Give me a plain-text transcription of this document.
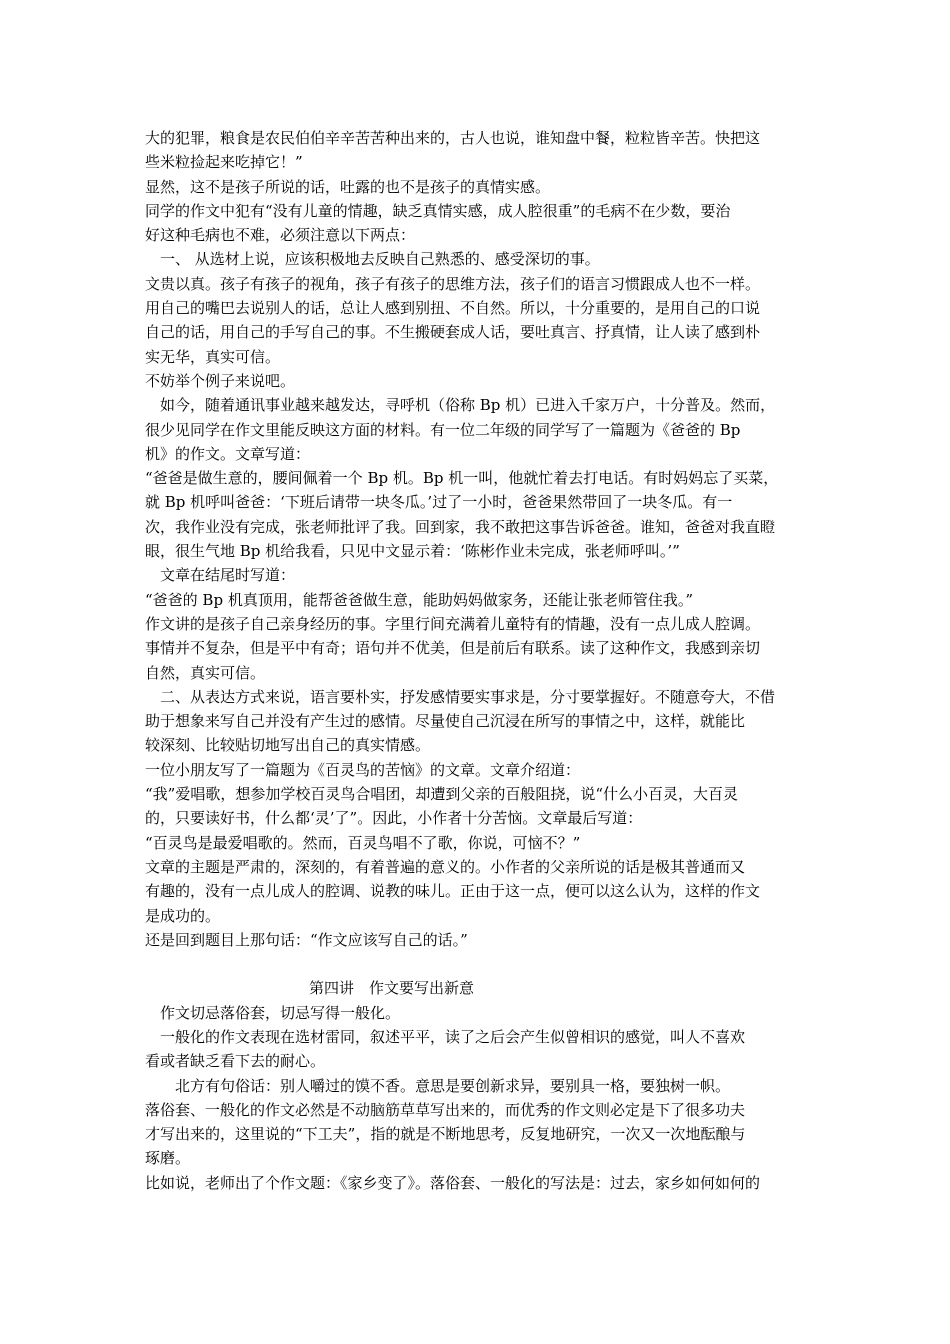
大的犯罪，粮食是农民伯伯辛辛苦苦种出来的，古人也说，谁知盘中餐，粒粒皆辛苦。快把这
些米粒捡起来吃掉它！”
显然，这不是孩子所说的话，吐露的也不是孩子的真情实感。
同学的作文中犯有“没有儿童的情趣，缺乏真情实感，成人腔很重”的毛病不在少数，要治
好这种毛病也不难，必须注意以下两点：
　一、 从选材上说，应该积极地去反映自己熟悉的、感受深切的事。
文贵以真。孩子有孩子的视角，孩子有孩子的思维方法，孩子们的语言习惯跟成人也不一样。
用自己的嘴巴去说别人的话，总让人感到别扭、不自然。所以，十分重要的，是用自己的口说
自己的话，用自己的手写自己的事。不生搬硬套成人话，要吐真言、抒真情，让人读了感到朴
实无华，真实可信。
不妨举个例子来说吧。
　如今，随着通讯事业越来越发达，寻呼机（俗称 Bp 机）已进入千家万户，十分普及。然而，
很少见同学在作文里能反映这方面的材料。有一位二年级的同学写了一篇题为《爸爸的 Bp
机》的作文。文章写道：
“爸爸是做生意的，腰间佩着一个 Bp 机。Bp 机一叫，他就忙着去打电话。有时妈妈忘了买菜，
就 Bp 机呼叫爸爸：‘下班后请带一块冬瓜。’过了一小时，爸爸果然带回了一块冬瓜。有一
次，我作业没有完成，张老师批评了我。回到家，我不敢把这事告诉爸爸。谁知，爸爸对我直瞪
眼，很生气地 Bp 机给我看，只见中文显示着：‘陈彬作业未完成，张老师呼叫。’”
　文章在结尾时写道：
“爸爸的 Bp 机真顶用，能帮爸爸做生意，能助妈妈做家务，还能让张老师管住我。”
作文讲的是孩子自己亲身经历的事。字里行间充满着儿童特有的情趣，没有一点儿成人腔调。
事情并不复杂，但是平中有奇；语句并不优美，但是前后有联系。读了这种作文，我感到亲切
自然，真实可信。
　二、从表达方式来说，语言要朴实，抒发感情要实事求是，分寸要掌握好。不随意夸大，不借
助于想象来写自己并没有产生过的感情。尽量使自己沉浸在所写的事情之中，这样，就能比
较深刻、比较贴切地写出自己的真实情感。
一位小朋友写了一篇题为《百灵鸟的苦恼》的文章。文章介绍道：
“我”爱唱歌，想参加学校百灵鸟合唱团，却遭到父亲的百般阻挠，说“什么小百灵，大百灵
的，只要读好书，什么都‘灵’了”。因此，小作者十分苦恼。文章最后写道：
“百灵鸟是最爱唱歌的。然而，百灵鸟唱不了歌，你说，可恼不？”
文章的主题是严肃的，深刻的，有着普遍的意义的。小作者的父亲所说的话是极其普通而又
有趣的，没有一点儿成人的腔调、说教的味儿。正由于这一点，便可以这么认为，这样的作文
是成功的。
还是回到题目上那句话：“作文应该写自己的话。”
第四讲　作文要写出新意
　作文切忌落俗套，切忌写得一般化。
　一般化的作文表现在选材雷同，叙述平平，读了之后会产生似曾相识的感觉，叫人不喜欢
看或者缺乏看下去的耐心。
　　北方有句俗话：别人嚼过的馍不香。意思是要创新求异，要别具一格，要独树一帜。
落俗套、一般化的作文必然是不动脑筋草草写出来的，而优秀的作文则必定是下了很多功夫
才写出来的，这里说的“下工夫”，指的就是不断地思考，反复地研究，一次又一次地酝酿与
琢磨。
比如说，老师出了个作文题：《家乡变了》。落俗套、一般化的写法是：过去，家乡如何如何的
